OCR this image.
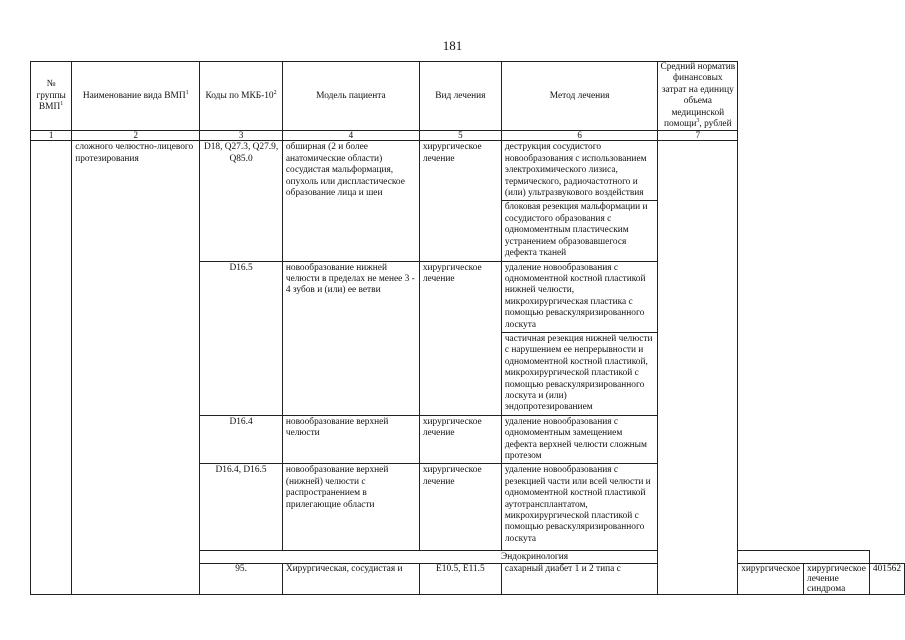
181
№ группы ВМП$^1$	Наименование вида ВМП$^1$	Коды по МКБ-$10^2$	Модель пациента	Вид лечения	Метод лечения	Средний норматив финансовых затрат на единицу объема медицинской помощи$^3$, рублей			
1	2	3	4	5	6	7			
	сложного челюстно-лицевого протезирования	D18, Q27.3, Q27.9, Q85.0	обширная (2 и более анатомические области) сосудистая мальформация, опухоль или диспластическое образование лица и шеи	хирургическое лечение	деструкция сосудистого новообразования с использованием электрохимического лизиса, термического, радиочастотного и (или) ультразвукового воздействия				
					блоковая резекция мальформации и сосудистого образования с одномоментным пластическим устранением образовавшегося дефекта тканей				
		D16.5	новообразование нижней челюсти в пределах не менее 3 - 4 зубов и (или) ее ветви	хирургическое лечение	удаление новообразования с одномоментной костной пластикой нижней челюсти, микрохирургическая пластика с помощью реваскуляризированного лоскута				
					частичная резекция нижней челюсти с нарушением ее непрерывности и одномоментной костной пластикой, микрохирургической пластикой с помощью реваскуляризированного лоскута и (или) эндопротезированием				
		D16.4	новообразование верхней челюсти	хирургическое лечение	удаление новообразования с одномоментным замещением дефекта верхней челюсти сложным протезом				
		D16.4, D16.5	новообразование верхней (нижней) челюсти с распространением в прилегающие области	хирургическое лечение	удаление новообразования с резекцией части или всей челюсти и одномоментной костной пластикой аутотрансплантатом, микрохирургической пластикой с помощью реваскуляризированного лоскута				
		Эндокринология							
		95.	Хирургическая, сосудистая и	E10.5, E11.5	сахарный диабет 1 и 2 типа с		хирургическое	хирургическое лечение синдрома	401562
